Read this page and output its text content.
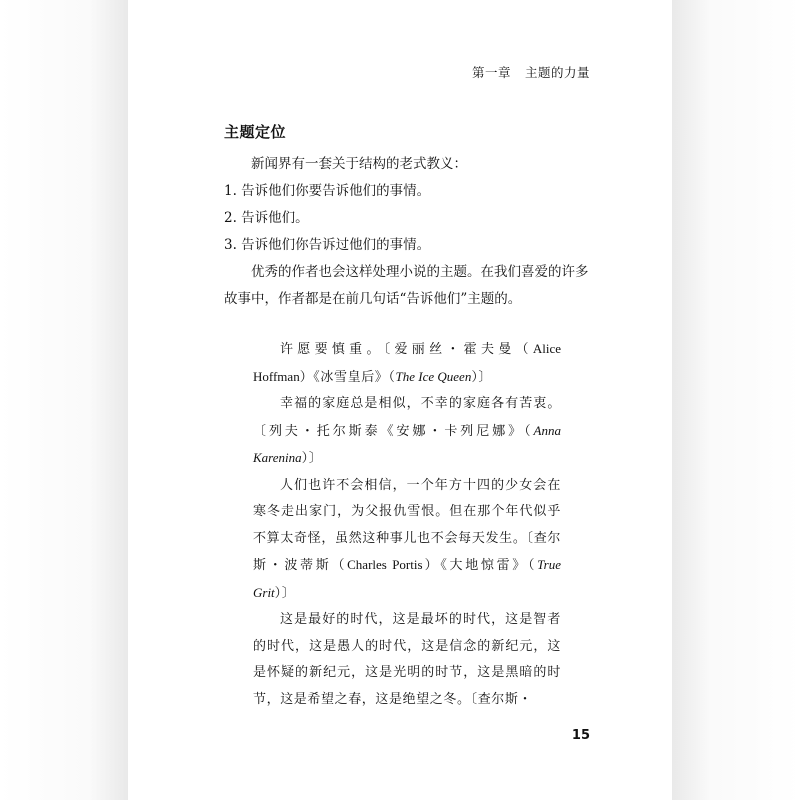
第一章 主题的力量
主题定位

新闻界有一套关于结构的老式教义：

1. 告诉他们你要告诉他们的事情。

2. 告诉他们。

3. 告诉他们你告诉过他们的事情。

优秀的作者也会这样处理小说的主题。在我们喜爱的许多故事中，作者都是在前几句话“告诉他们”主题的。

许愿要慎重。〔爱丽丝・霍夫曼（Alice Hoffman）《冰雪皇后》（The Ice Queen）〕

幸福的家庭总是相似，不幸的家庭各有苦衷。〔列夫・托尔斯泰《安娜・卡列尼娜》（Anna Karenina）〕

人们也许不会相信，一个年方十四的少女会在寒冬走出家门，为父报仇雪恨。但在那个年代似乎不算太奇怪，虽然这种事儿也不会每天发生。〔查尔斯・波蒂斯（Charles Portis）《大地惊雷》（True Grit）〕

这是最好的时代，这是最坏的时代，这是智者的时代，这是愚人的时代，这是信念的新纪元，这是怀疑的新纪元，这是光明的时节，这是黑暗的时节，这是希望之春，这是绝望之冬。〔查尔斯・

15
